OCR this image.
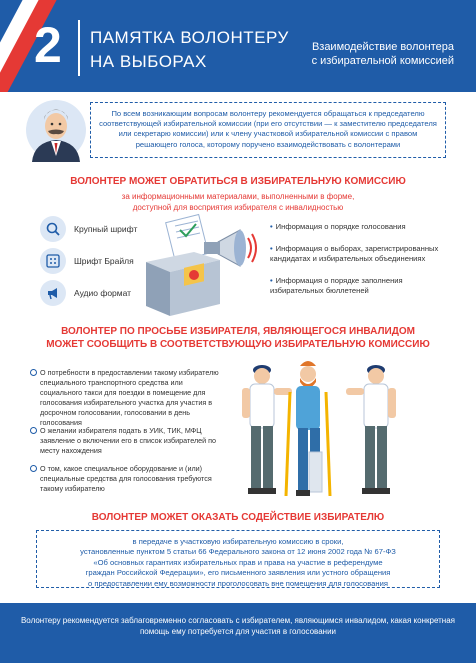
2 ПАМЯТКА ВОЛОНТЕРУ
НА ВЫБОРАХ
Взаимодействие волонтера с избирательной комиссией

По всем возникающим вопросам волонтеру рекомендуется обращаться к председателю соответствующей избирательной комиссии (при его отсутствии — к заместителю председателя или секретарю комиссии) или к члену участковой избирательной комиссии с правом решающего голоса, которому поручено взаимодействовать с волонтерами

ВОЛОНТЕР МОЖЕТ ОБРАТИТЬСЯ В ИЗБИРАТЕЛЬНУЮ КОМИССИЮ
за информационными материалами, выполненными в форме,
доступной для восприятия избирателя с инвалидностью
Крупный шрифт
Шрифт Брайля
Аудио формат
• Информация о порядке голосования
• Информация о выборах, зарегистрированных кандидатах и избирательных объединениях
• Информация о порядке заполнения избирательных бюллетеней
ВОЛОНТЕР ПО ПРОСЬБЕ ИЗБИРАТЕЛЯ, ЯВЛЯЮЩЕГОСЯ ИНВАЛИДОМ
МОЖЕТ СООБЩИТЬ В СООТВЕТСТВУЮЩУЮ ИЗБИРАТЕЛЬНУЮ КОМИССИЮ
О потребности в предоставлении такому избирателю специального транспортного средства или социального такси для поездки в помещение для голосования избирательного участка для участия в досрочном голосовании, голосовании в день голосования
О желании избирателя подать в УИК, ТИК, МФЦ заявление о включении его в список избирателей по месту нахождения
О том, какое специальное оборудование и (или) специальные средства для голосования требуются такому избирателю
ВОЛОНТЕР МОЖЕТ ОКАЗАТЬ СОДЕЙСТВИЕ ИЗБИРАТЕЛЮ

в передаче в участковую избирательную комиссию в сроки,

установленные пунктом 5 статьи 66 Федерального закона от 12 июня 2002 года № 67-ФЗ

«Об основных гарантиях избирательных прав и права на участие в референдуме

граждан Российской Федерации», его письменного заявления или устного обращения

о предоставлении ему возможности проголосовать вне помещения для голосования

Волонтеру рекомендуется заблаговременно согласовать с избирателем, являющимся инвалидом, какая конкретная помощь ему потребуется для участия в голосовании
